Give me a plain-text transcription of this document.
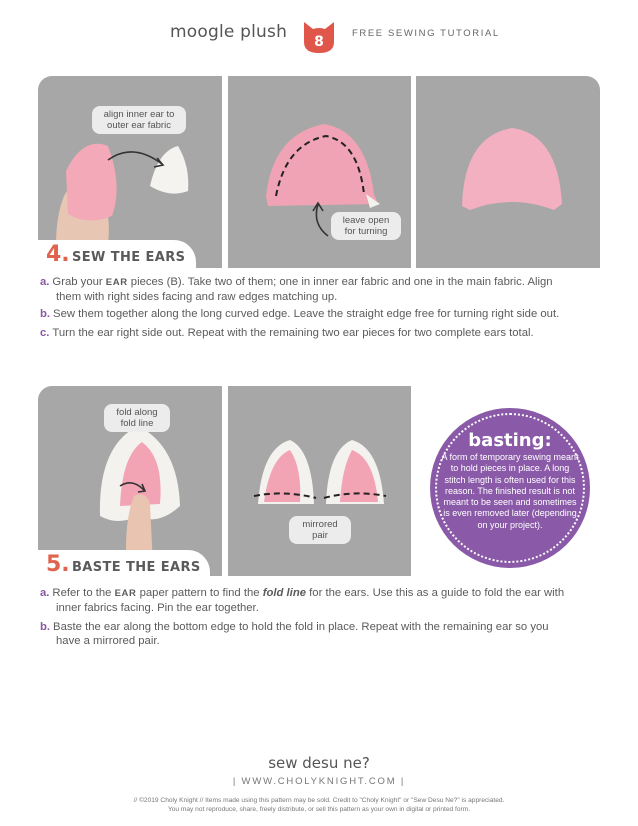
moogle plush 8
FREE SEWING TUTORIAL
align inner ear to outer ear fabric
leave open for turning
4. SEW THE EARS
a. Grab your EAR pieces (B). Take two of them; one in inner ear fabric and one in the main fabric. Align
them with right sides facing and raw edges matching up.
b. Sew them together along the long curved edge. Leave the straight edge free for turning right side out.
c. Turn the ear right side out. Repeat with the remaining two ear pieces for two complete ears total.
fold along fold line
mirrored pair
5. BASTE THE EARS
basting:
A form of temporary sewing meant to hold pieces in place. A long stitch length is often used for this reason. The finished result is not meant to be seen and sometimes is even removed later (depending on your project).
a. Refer to the EAR paper pattern to find the fold line for the ears. Use this as a guide to fold the ear with
inner fabrics facing. Pin the ear together.
b. Baste the ear along the bottom edge to hold the fold in place. Repeat with the remaining ear so you
have a mirrored pair.
sew desu ne?
| WWW.CHOLYKNIGHT.COM |
// ©2019 Choly Knight // Items made using this pattern may be sold. Credit to "Choly Knight" or "Sew Desu Ne?" is appreciated.
You may not reproduce, share, freely distribute, or sell this pattern as your own in digital or printed form.
